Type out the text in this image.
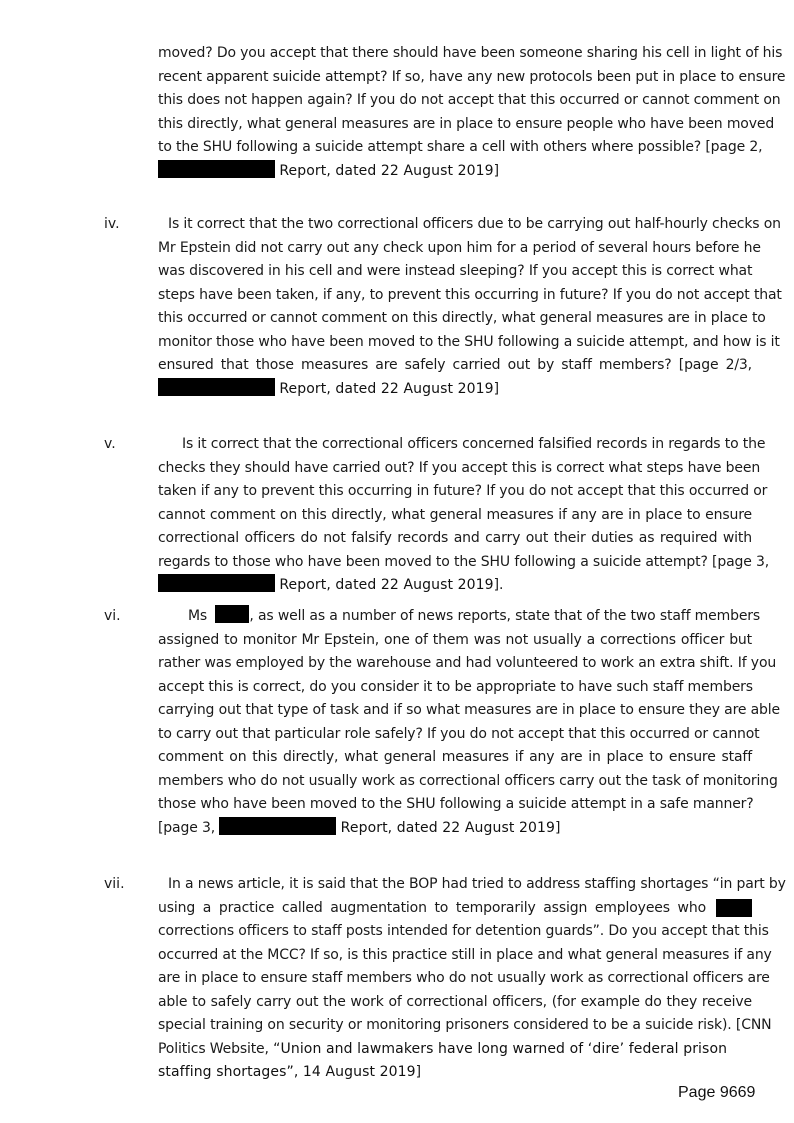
moved? Do you accept that there should have been someone sharing his cell in light of his
recent apparent suicide attempt? If so, have any new protocols been put in place to ensure
this does not happen again? If you do not accept that this occurred or cannot comment on
this directly, what general measures are in place to ensure people who have been moved
to the SHU following a suicide attempt share a cell with others where possible? [page 2,
Report, dated 22 August 2019]
iv.	Is it correct that the two correctional officers due to be carrying out half-hourly checks on
Mr Epstein did not carry out any check upon him for a period of several hours before he
was discovered in his cell and were instead sleeping? If you accept this is correct what
steps have been taken, if any, to prevent this occurring in future? If you do not accept that
this occurred or cannot comment on this directly, what general measures are in place to
monitor those who have been moved to the SHU following a suicide attempt, and how is it
ensured that those measures are safely carried out by staff members? [page 2/3,
Report, dated 22 August 2019]
v.	Is it correct that the correctional officers concerned falsified records in regards to the
checks they should have carried out? If you accept this is correct what steps have been
taken if any to prevent this occurring in future? If you do not accept that this occurred or
cannot comment on this directly, what general measures if any are in place to ensure
correctional officers do not falsify records and carry out their duties as required with
regards to those who have been moved to the SHU following a suicide attempt? [page 3,
Report, dated 22 August 2019].
vi.	Ms	, as well as a number of news reports, state that of the two staff members
assigned to monitor Mr Epstein, one of them was not usually a corrections officer but
rather was employed by the warehouse and had volunteered to work an extra shift. If you
accept this is correct, do you consider it to be appropriate to have such staff members
carrying out that type of task and if so what measures are in place to ensure they are able
to carry out that particular role safely? If you do not accept that this occurred or cannot
comment on this directly, what general measures if any are in place to ensure staff
members who do not usually work as correctional officers carry out the task of monitoring
those who have been moved to the SHU following a suicide attempt in a safe manner?
[page 3,	Report, dated 22 August 2019]
vii.	In a news article, it is said that the BOP had tried to address staffing shortages “in part by
using a practice called augmentation to temporarily assign employees who
corrections officers to staff posts intended for detention guards”. Do you accept that this
occurred at the MCC? If so, is this practice still in place and what general measures if any
are in place to ensure staff members who do not usually work as correctional officers are
able to safely carry out the work of correctional officers, (for example do they receive
special training on security or monitoring prisoners considered to be a suicide risk). [CNN
Politics Website, “Union and lawmakers have long warned of ‘dire’ federal prison
staffing shortages”, 14 August 2019]
Page 9669
